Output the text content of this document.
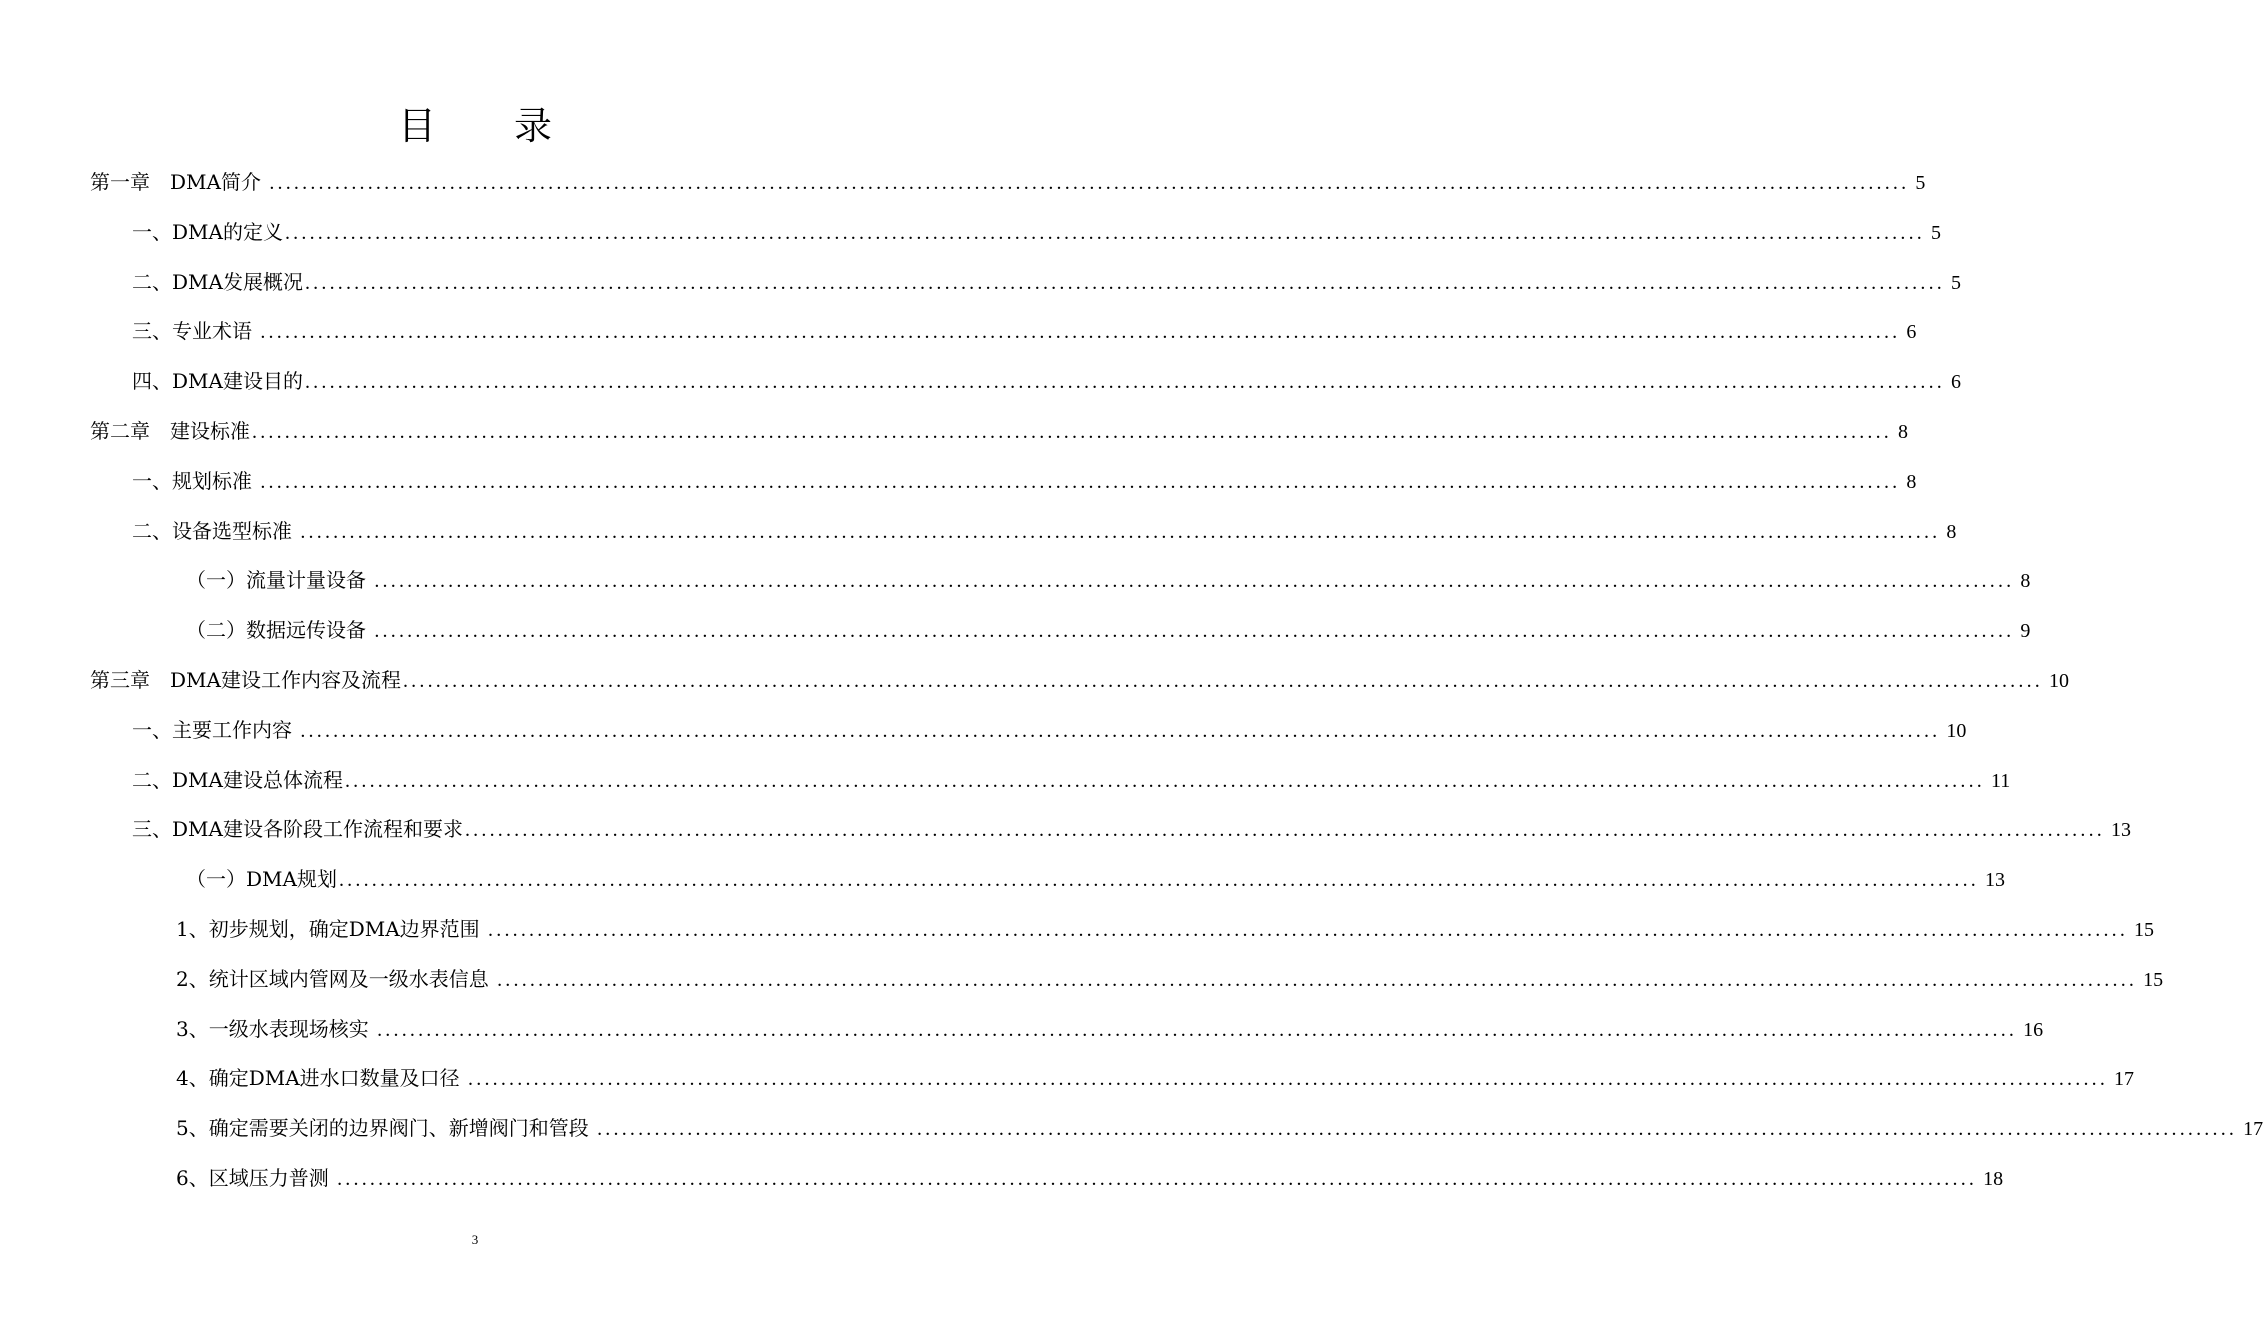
目 录
第一章　DMA简介 ........................................................................................................................................................................................................ 5
一、DMA的定义 ........................................................................................................................................................................................................ 5
二、DMA发展概况 ........................................................................................................................................................................................................ 5
三、专业术语 ........................................................................................................................................................................................................ 6
四、DMA建设目的 ........................................................................................................................................................................................................ 6
第二章　建设标准 ........................................................................................................................................................................................................ 8
一、规划标准 ........................................................................................................................................................................................................ 8
二、设备选型标准 ........................................................................................................................................................................................................ 8
（一）流量计量设备 ........................................................................................................................................................................................................ 8
（二）数据远传设备 ........................................................................................................................................................................................................ 9
第三章　DMA建设工作内容及流程 ........................................................................................................................................................................................................ 10
一、主要工作内容 ........................................................................................................................................................................................................ 10
二、DMA建设总体流程 ........................................................................................................................................................................................................ 11
三、DMA建设各阶段工作流程和要求 ........................................................................................................................................................................................................ 13
（一）DMA规划 ........................................................................................................................................................................................................ 13
1、初步规划，确定DMA边界范围 ........................................................................................................................................................................................................ 15
2、统计区域内管网及一级水表信息 ........................................................................................................................................................................................................ 15
3、一级水表现场核实 ........................................................................................................................................................................................................ 16
4、确定DMA进水口数量及口径 ........................................................................................................................................................................................................ 17
5、确定需要关闭的边界阀门、新增阀门和管段 ........................................................................................................................................................................................................ 17
6、区域压力普测 ........................................................................................................................................................................................................ 18
3
